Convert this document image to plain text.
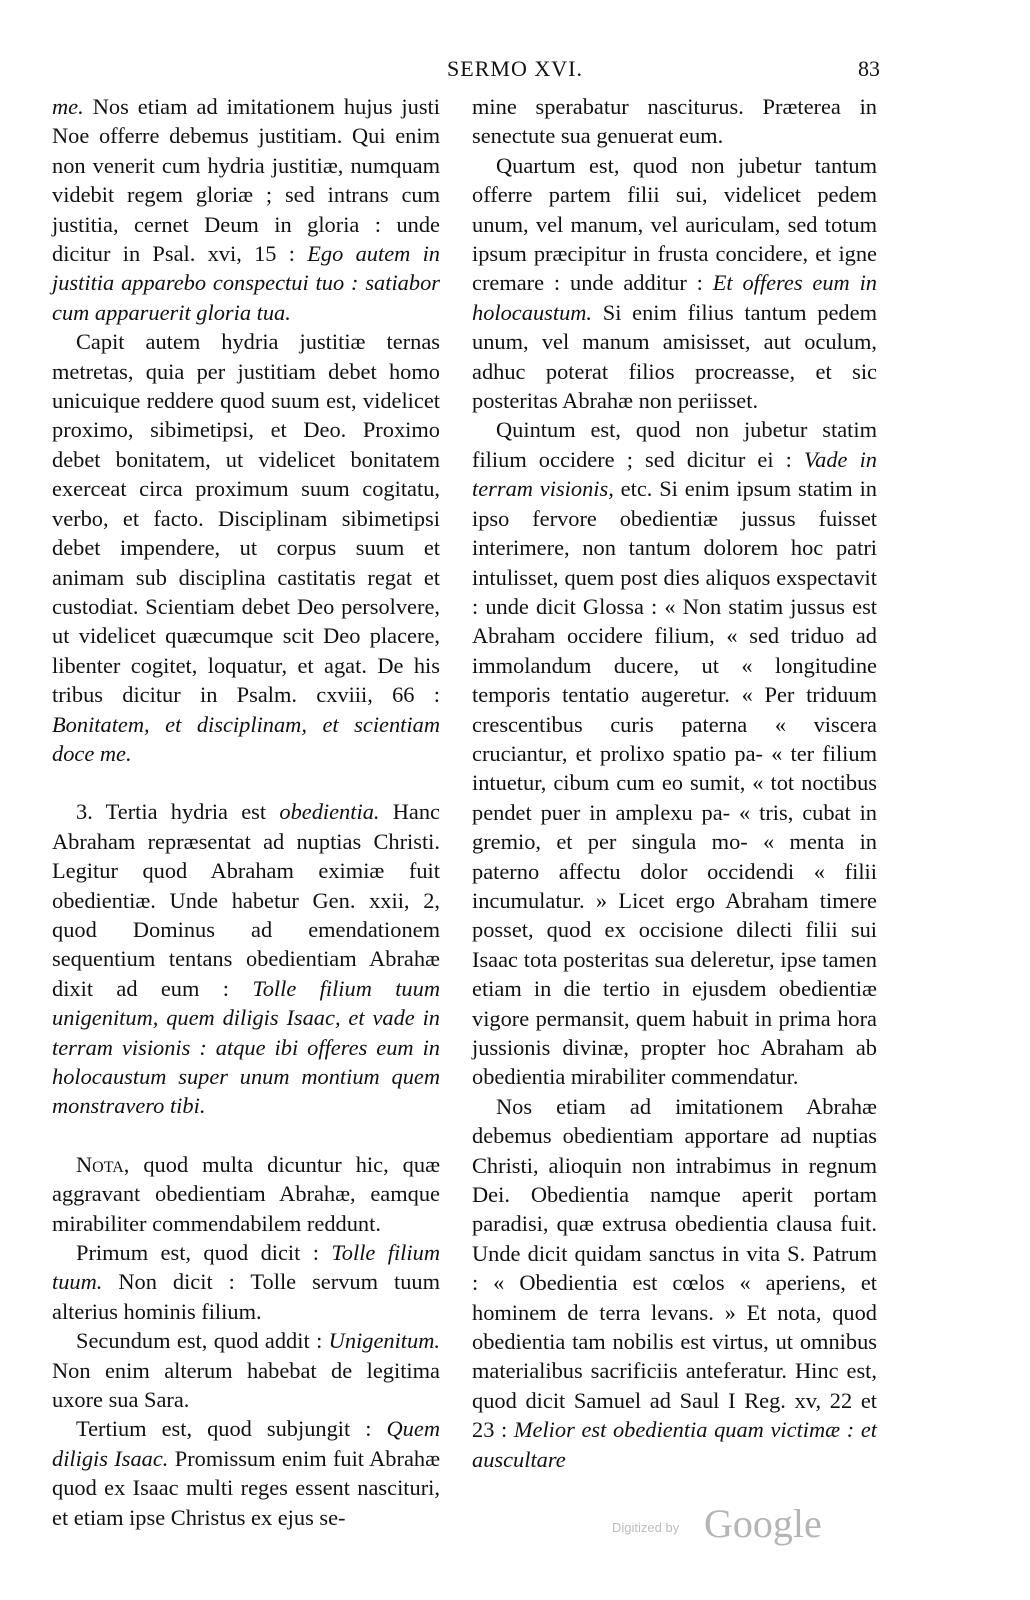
SERMO XVI.	83

me. Nos etiam ad imitationem hujus justi Noe offerre debemus justitiam. Qui enim non venerit cum hydria justitiæ, numquam videbit regem gloriæ ; sed intrans cum justitia, cernet Deum in gloria : unde dicitur in Psal. xvi, 15 : Ego autem in justitia apparebo conspectui tuo : satiabor cum apparuerit gloria tua.

Capit autem hydria justitiæ ternas metretas, quia per justitiam debet homo unicuique reddere quod suum est, videlicet proximo, sibimetipsi, et Deo. Proximo debet bonitatem, ut videlicet bonitatem exerceat circa proximum suum cogitatu, verbo, et facto. Disciplinam sibimetipsi debet impendere, ut corpus suum et animam sub disciplina castitatis regat et custodiat. Scientiam debet Deo persolvere, ut videlicet quæcumque scit Deo placere, libenter cogitet, loquatur, et agat. De his tribus dicitur in Psalm. cxviii, 66 : Bonitatem, et disciplinam, et scientiam doce me.

3. Tertia hydria est obedientia. Hanc Abraham repræsentat ad nuptias Christi. Legitur quod Abraham eximiæ fuit obedientiæ. Unde habetur Gen. xxii, 2, quod Dominus ad emendationem sequentium tentans obedientiam Abrahæ dixit ad eum : Tolle filium tuum unigenitum, quem diligis Isaac, et vade in terram visionis : atque ibi offeres eum in holocaustum super unum montium quem monstravero tibi.

Nota, quod multa dicuntur hic, quæ aggravant obedientiam Abrahæ, eamque mirabiliter commendabilem reddunt.

Primum est, quod dicit : Tolle filium tuum. Non dicit : Tolle servum tuum alterius hominis filium.

Secundum est, quod addit : Unigenitum. Non enim alterum habebat de legitima uxore sua Sara.

Tertium est, quod subjungit : Quem diligis Isaac. Promissum enim fuit Abrahæ quod ex Isaac multi reges essent nascituri, et etiam ipse Christus ex ejus se-

mine sperabatur nasciturus. Præterea in senectute sua genuerat eum.

Quartum est, quod non jubetur tantum offerre partem filii sui, videlicet pedem unum, vel manum, vel auriculam, sed totum ipsum præcipitur in frusta concidere, et igne cremare : unde additur : Et offeres eum in holocaustum. Si enim filius tantum pedem unum, vel manum amisisset, aut oculum, adhuc poterat filios procreasse, et sic posteritas Abrahæ non periisset.

Quintum est, quod non jubetur statim filium occidere ; sed dicitur ei : Vade in terram visionis, etc. Si enim ipsum statim in ipso fervore obedientiæ jussus fuisset interimere, non tantum dolorem hoc patri intulisset, quem post dies aliquos exspectavit : unde dicit Glossa : « Non statim jussus est Abraham occidere filium, « sed triduo ad immolandum ducere, ut « longitudine temporis tentatio augeretur. « Per triduum crescentibus curis paterna « viscera cruciantur, et prolixo spatio pa- « ter filium intuetur, cibum cum eo sumit, « tot noctibus pendet puer in amplexu pa- « tris, cubat in gremio, et per singula mo- « menta in paterno affectu dolor occidendi « filii incumulatur. » Licet ergo Abraham timere posset, quod ex occisione dilecti filii sui Isaac tota posteritas sua deleretur, ipse tamen etiam in die tertio in ejusdem obedientiæ vigore permansit, quem habuit in prima hora jussionis divinæ, propter hoc Abraham ab obedientia mirabiliter commendatur.

Nos etiam ad imitationem Abrahæ debemus obedientiam apportare ad nuptias Christi, alioquin non intrabimus in regnum Dei. Obedientia namque aperit portam paradisi, quæ extrusa obedientia clausa fuit. Unde dicit quidam sanctus in vita S. Patrum : « Obedientia est cœlos « aperiens, et hominem de terra levans. » Et nota, quod obedientia tam nobilis est virtus, ut omnibus materialibus sacrificiis anteferatur. Hinc est, quod dicit Samuel ad Saul I Reg. xv, 22 et 23 : Melior est obedientia quam victimæ : et auscultare

Digitized by Google
